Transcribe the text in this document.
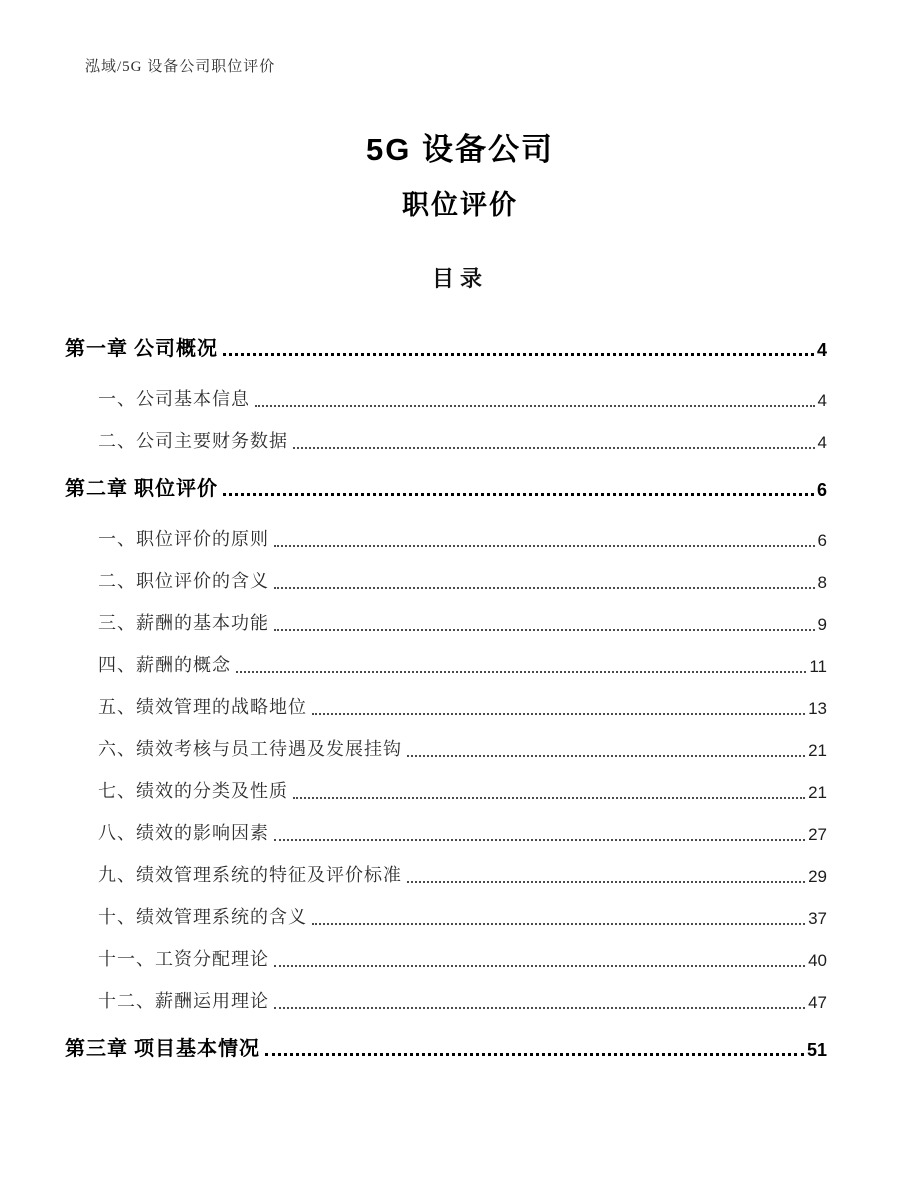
泓域/5G 设备公司职位评价
5G 设备公司
职位评价
目录
第一章 公司概况	4
一、公司基本信息	4
二、公司主要财务数据	4
第二章 职位评价	6
一、职位评价的原则	6
二、职位评价的含义	8
三、薪酬的基本功能	9
四、薪酬的概念	11
五、绩效管理的战略地位	13
六、绩效考核与员工待遇及发展挂钩	21
七、绩效的分类及性质	21
八、绩效的影响因素	27
九、绩效管理系统的特征及评价标准	29
十、绩效管理系统的含义	37
十一、工资分配理论	40
十二、薪酬运用理论	47
第三章 项目基本情况	51
